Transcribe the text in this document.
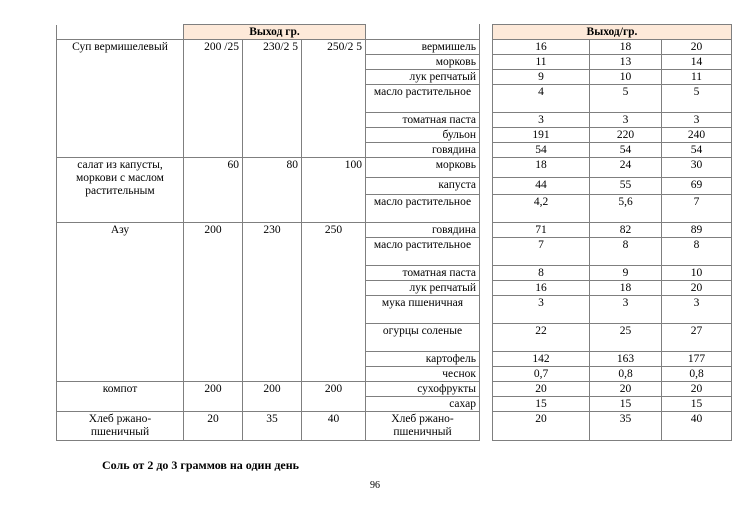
	Выход гр.					Выход/гр.		
Суп вермишелевый	200 /25	230/2 5	250/2 5	вермишель		16	18	20
				морковь		11	13	14
				лук репчатый		9	10	11
				масло растительное		4	5	5
				томатная паста		3	3	3
				бульон		191	220	240
				говядина		54	54	54
салат из капусты, моркови с маслом растительным	60	80	100	морковь		18	24	30
				капуста		44	55	69
				масло растительное		4,2	5,6	7
Азу	200	230	250	говядина		71	82	89
				масло растительное		7	8	8
				томатная паста		8	9	10
				лук репчатый		16	18	20
				мука пшеничная		3	3	3
				огурцы соленые		22	25	27
				картофель		142	163	177
				чеснок		0,7	0,8	0,8
компот	200	200	200	сухофрукты		20	20	20
				сахар		15	15	15
Хлеб ржано-пшеничный	20	35	40	Хлеб ржано-пшеничный		20	35	40
Соль от 2 до 3 граммов на один день
96
